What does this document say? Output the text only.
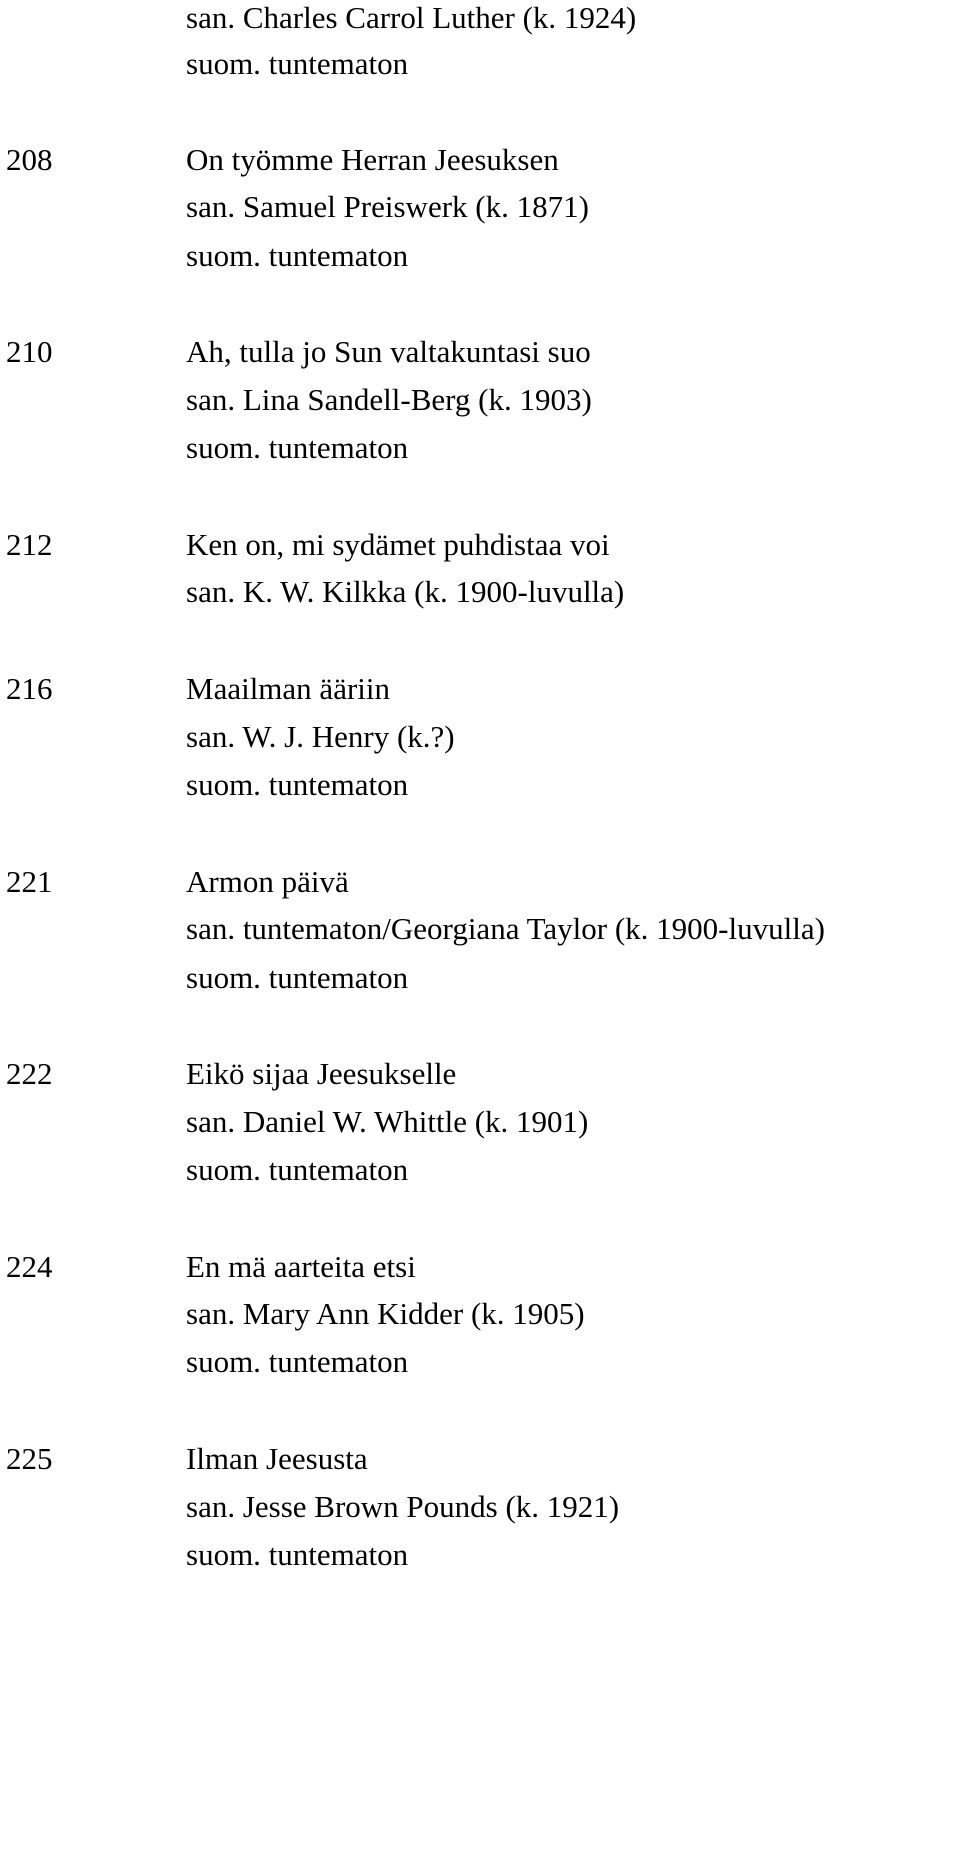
san. Charles Carrol Luther (k. 1924)
suom. tuntematon
208	On työmme Herran Jeesuksen
san. Samuel Preiswerk (k. 1871)
suom. tuntematon
210	Ah, tulla jo Sun valtakuntasi suo
san. Lina Sandell-Berg (k. 1903)
suom. tuntematon
212	Ken on, mi sydämet puhdistaa voi
san. K. W. Kilkka (k. 1900-luvulla)
216	Maailman ääriin
san. W. J. Henry (k.?)
suom. tuntematon
221	Armon päivä
san. tuntematon/Georgiana Taylor (k. 1900-luvulla)
suom. tuntematon
222	Eikö sijaa Jeesukselle
san. Daniel W. Whittle (k. 1901)
suom. tuntematon
224	En mä aarteita etsi
san. Mary Ann Kidder (k. 1905)
suom. tuntematon
225	Ilman Jeesusta
san. Jesse Brown Pounds (k. 1921)
suom. tuntematon
